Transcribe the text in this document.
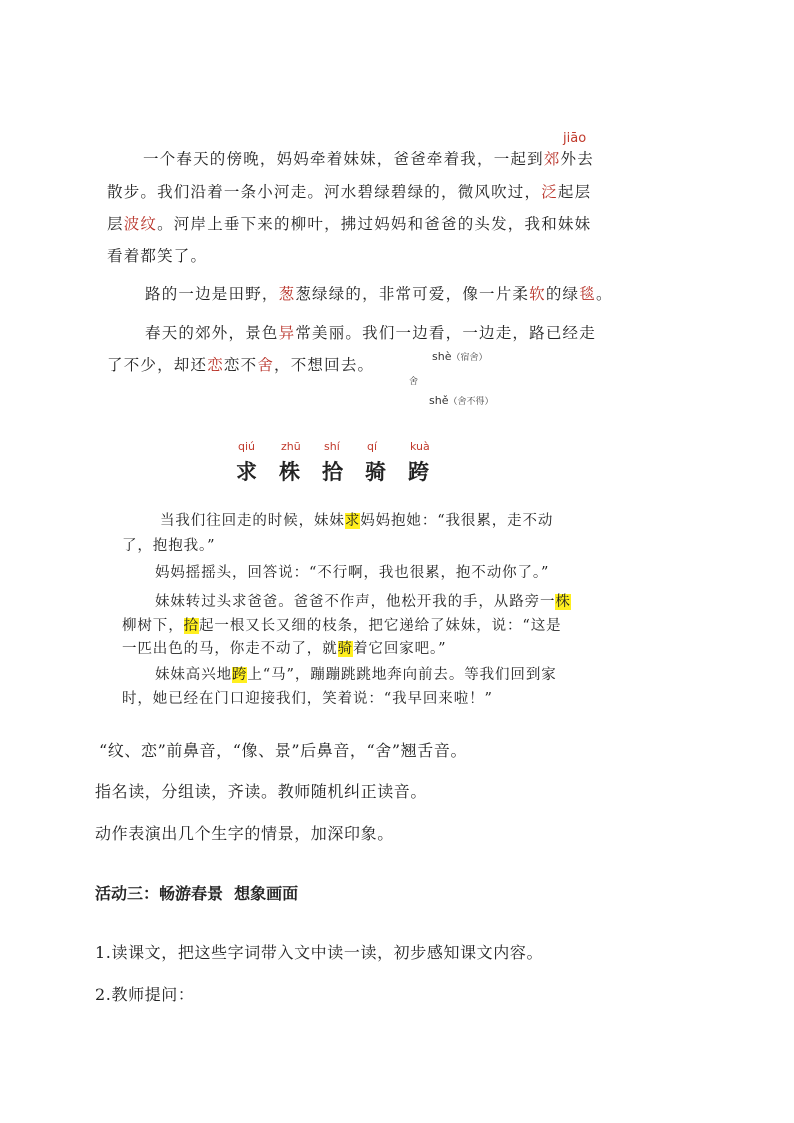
jiāo
一个春天的傍晚，妈妈牵着妹妹，爸爸牵着我，一起到郊外去
散步。我们沿着一条小河走。河水碧绿碧绿的，微风吹过，泛起层
层波纹。河岸上垂下来的柳叶，拂过妈妈和爸爸的头发，我和妹妹
看着都笑了。
路的一边是田野，葱葱绿绿的，非常可爱，像一片柔软的绿毯。
春天的郊外，景色异常美丽。我们一边看，一边走，路已经走
了不少，却还恋恋不舍，不想回去。	shè（宿舍）
舍
shě（舍不得）
qiú
求
zhū
株
shí
拾
qí
骑
kuà
跨
当我们往回走的时候，妹妹求妈妈抱她：“我很累，走不动
了，抱抱我。”
妈妈摇摇头，回答说：“不行啊，我也很累，抱不动你了。”
妹妹转过头求爸爸。爸爸不作声，他松开我的手，从路旁一株
柳树下，拾起一根又长又细的枝条，把它递给了妹妹，说：“这是
一匹出色的马，你走不动了，就骑着它回家吧。”
妹妹高兴地跨上“马”，蹦蹦跳跳地奔向前去。等我们回到家
时，她已经在门口迎接我们，笑着说：“我早回来啦！”
“纹、恋”前鼻音，“像、景”后鼻音，“舍”翘舌音。
指名读，分组读，齐读。教师随机纠正读音。
动作表演出几个生字的情景，加深印象。
活动三：畅游春景  想象画面
1.读课文，把这些字词带入文中读一读，初步感知课文内容。
2.教师提问：
